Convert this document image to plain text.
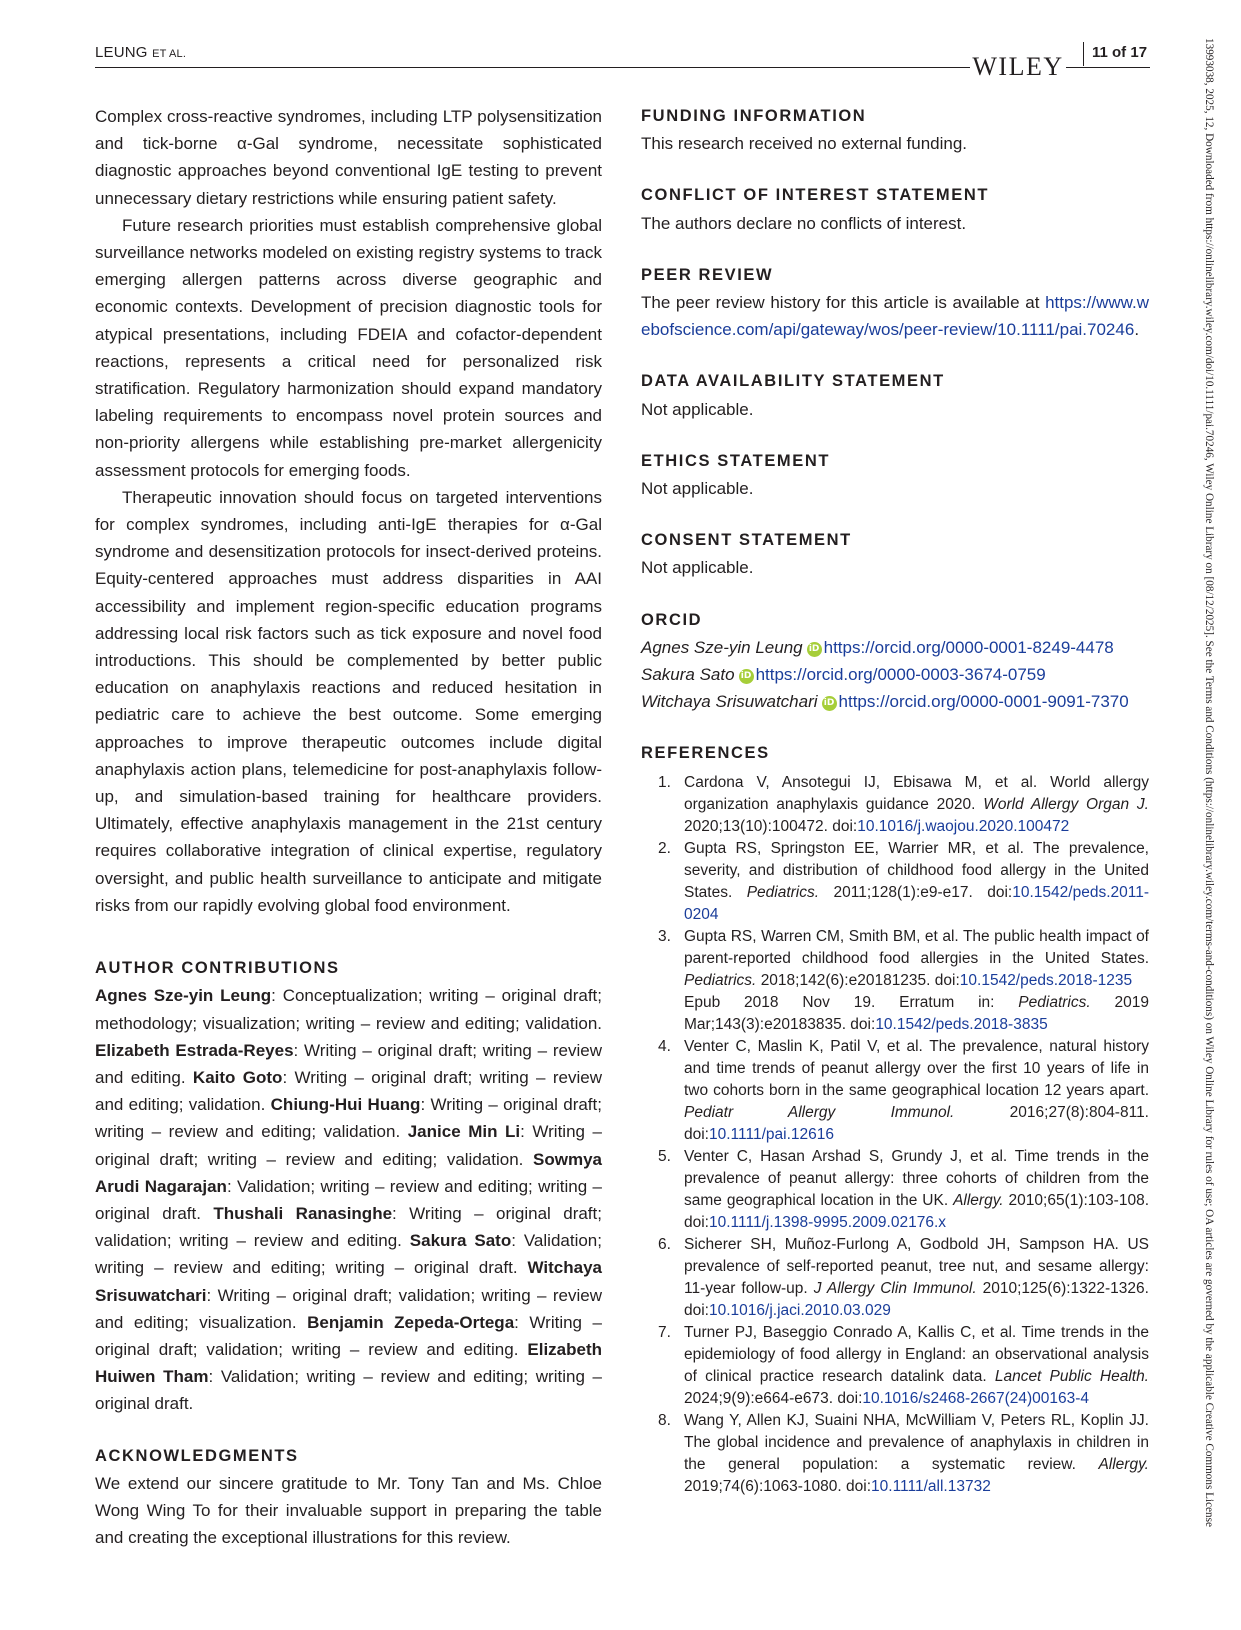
LEUNG ET AL.	WILEY 11 of 17	13993038, 2025, 12, Downloaded from https://onlinelibrary.wiley.com/doi/10.1111/pai.70246, Wiley Online Library on [08/12/2025]. See the Terms and Conditions (https://onlinelibrary.wiley.com/terms-and-conditions) on Wiley Online Library for rules of use; OA articles are governed by the applicable Creative Commons License

Complex cross-reactive syndromes, including LTP polysensitization and tick-borne α-Gal syndrome, necessitate sophisticated diagnostic approaches beyond conventional IgE testing to prevent unnecessary dietary restrictions while ensuring patient safety.

Future research priorities must establish comprehensive global surveillance networks modeled on existing registry systems to track emerging allergen patterns across diverse geographic and economic contexts. Development of precision diagnostic tools for atypical presentations, including FDEIA and cofactor-dependent reactions, represents a critical need for personalized risk stratification. Regulatory harmonization should expand mandatory labeling requirements to encompass novel protein sources and non-priority allergens while establishing pre-market allergenicity assessment protocols for emerging foods.

Therapeutic innovation should focus on targeted interventions for complex syndromes, including anti-IgE therapies for α-Gal syndrome and desensitization protocols for insect-derived proteins. Equity-centered approaches must address disparities in AAI accessibility and implement region-specific education programs addressing local risk factors such as tick exposure and novel food introductions. This should be complemented by better public education on anaphylaxis reactions and reduced hesitation in pediatric care to achieve the best outcome. Some emerging approaches to improve therapeutic outcomes include digital anaphylaxis action plans, telemedicine for post-anaphylaxis follow-up, and simulation-based training for healthcare providers. Ultimately, effective anaphylaxis management in the 21st century requires collaborative integration of clinical expertise, regulatory oversight, and public health surveillance to anticipate and mitigate risks from our rapidly evolving global food environment.

AUTHOR CONTRIBUTIONS

Agnes Sze-yin Leung: Conceptualization; writing – original draft; methodology; visualization; writing – review and editing; validation. Elizabeth Estrada-Reyes: Writing – original draft; writing – review and editing. Kaito Goto: Writing – original draft; writing – review and editing; validation. Chiung-Hui Huang: Writing – original draft; writing – review and editing; validation. Janice Min Li: Writing – original draft; writing – review and editing; validation. Sowmya Arudi Nagarajan: Validation; writing – review and editing; writing – original draft. Thushali Ranasinghe: Writing – original draft; validation; writing – review and editing. Sakura Sato: Validation; writing – review and editing; writing – original draft. Witchaya Srisuwatchari: Writing – original draft; validation; writing – review and editing; visualization. Benjamin Zepeda-Ortega: Writing – original draft; validation; writing – review and editing. Elizabeth Huiwen Tham: Validation; writing – review and editing; writing – original draft.

ACKNOWLEDGMENTS

We extend our sincere gratitude to Mr. Tony Tan and Ms. Chloe Wong Wing To for their invaluable support in preparing the table and creating the exceptional illustrations for this review.

FUNDING INFORMATION

This research received no external funding.

CONFLICT OF INTEREST STATEMENT

The authors declare no conflicts of interest.

PEER REVIEW

The peer review history for this article is available at https://www.webofscience.com/api/gateway/wos/peer-review/10.1111/pai.70246.

DATA AVAILABILITY STATEMENT

Not applicable.

ETHICS STATEMENT

Not applicable.

CONSENT STATEMENT

Not applicable.

ORCID
Agnes Sze-yin Leung iD https://orcid.org/0000-0001-8249-4478
Sakura Sato iD https://orcid.org/0000-0003-3674-0759
Witchaya Srisuwatchari iD https://orcid.org/0000-0001-9091-7370
REFERENCES
1. Cardona V, Ansotegui IJ, Ebisawa M, et al. World allergy organization anaphylaxis guidance 2020. World Allergy Organ J. 2020;13(10):100472. doi:10.1016/j.waojou.2020.100472
2. Gupta RS, Springston EE, Warrier MR, et al. The prevalence, severity, and distribution of childhood food allergy in the United States. Pediatrics. 2011;128(1):e9-e17. doi:10.1542/peds.2011-0204
3. Gupta RS, Warren CM, Smith BM, et al. The public health impact of parent-reported childhood food allergies in the United States. Pediatrics. 2018;142(6):e20181235. doi:10.1542/peds.2018-1235
Epub 2018 Nov 19. Erratum in: Pediatrics. 2019 Mar;143(3):e20183835. doi:10.1542/peds.2018-3835
4. Venter C, Maslin K, Patil V, et al. The prevalence, natural history and time trends of peanut allergy over the first 10 years of life in two cohorts born in the same geographical location 12 years apart. Pediatr Allergy Immunol.	2016;27(8):804-811. doi:10.1111/pai.12616
5. Venter C, Hasan Arshad S, Grundy J, et al. Time trends in the prevalence of peanut allergy: three cohorts of children from the same geographical location in the UK. Allergy. 2010;65(1):103-108. doi:10.1111/j.1398-9995.2009.02176.x
6. Sicherer SH, Muñoz-Furlong A, Godbold JH, Sampson HA. US prevalence of self-reported peanut, tree nut, and sesame allergy: 11-year follow-up. J Allergy Clin Immunol. 2010;125(6):1322-1326. doi:10.1016/j.jaci.2010.03.029
7. Turner PJ, Baseggio Conrado A, Kallis C, et al. Time trends in the epidemiology of food allergy in England: an observational analysis of clinical practice research datalink data. Lancet Public Health. 2024;9(9):e664-e673. doi:10.1016/s2468-2667(24)00163-4
8. Wang Y, Allen KJ, Suaini NHA, McWilliam V, Peters RL, Koplin JJ. The global incidence and prevalence of anaphylaxis in children in the general population: a systematic review. Allergy. 2019;74(6):1063-1080. doi:10.1111/all.13732
